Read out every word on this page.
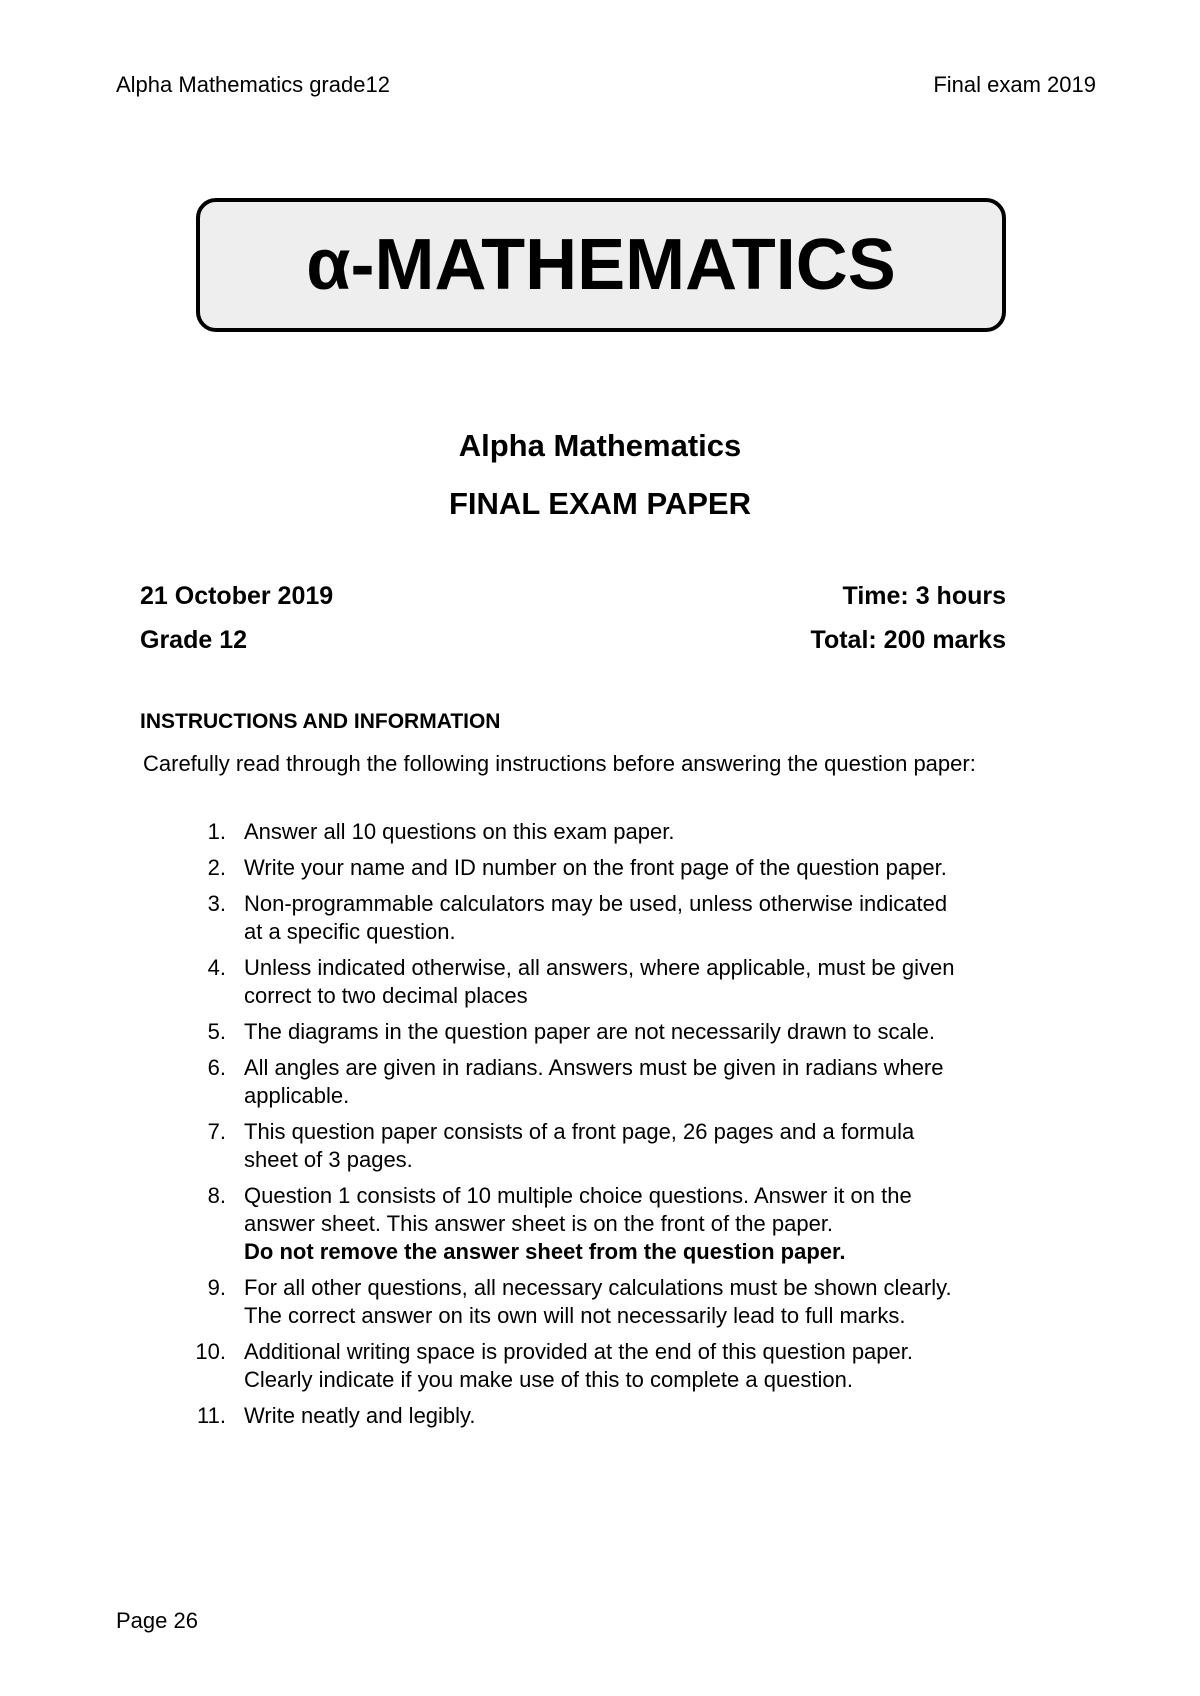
Alpha Mathematics grade12	Final exam 2019
α-MATHEMATICS
Alpha Mathematics
FINAL EXAM PAPER
21 October 2019	Time: 3 hours
Grade 12	Total: 200 marks
INSTRUCTIONS AND INFORMATION
Carefully read through the following instructions before answering the question paper:
1. Answer all 10 questions on this exam paper.
2. Write your name and ID number on the front page of the question paper.
3. Non-programmable calculators may be used, unless otherwise indicated at a specific question.
4. Unless indicated otherwise, all answers, where applicable, must be given correct to two decimal places
5. The diagrams in the question paper are not necessarily drawn to scale.
6. All angles are given in radians. Answers must be given in radians where applicable.
7. This question paper consists of a front page, 26 pages and a formula sheet of 3 pages.
8. Question 1 consists of 10 multiple choice questions. Answer it on the answer sheet. This answer sheet is on the front of the paper.
Do not remove the answer sheet from the question paper.
9. For all other questions, all necessary calculations must be shown clearly. The correct answer on its own will not necessarily lead to full marks.
10. Additional writing space is provided at the end of this question paper. Clearly indicate if you make use of this to complete a question.
11. Write neatly and legibly.
Page 26
